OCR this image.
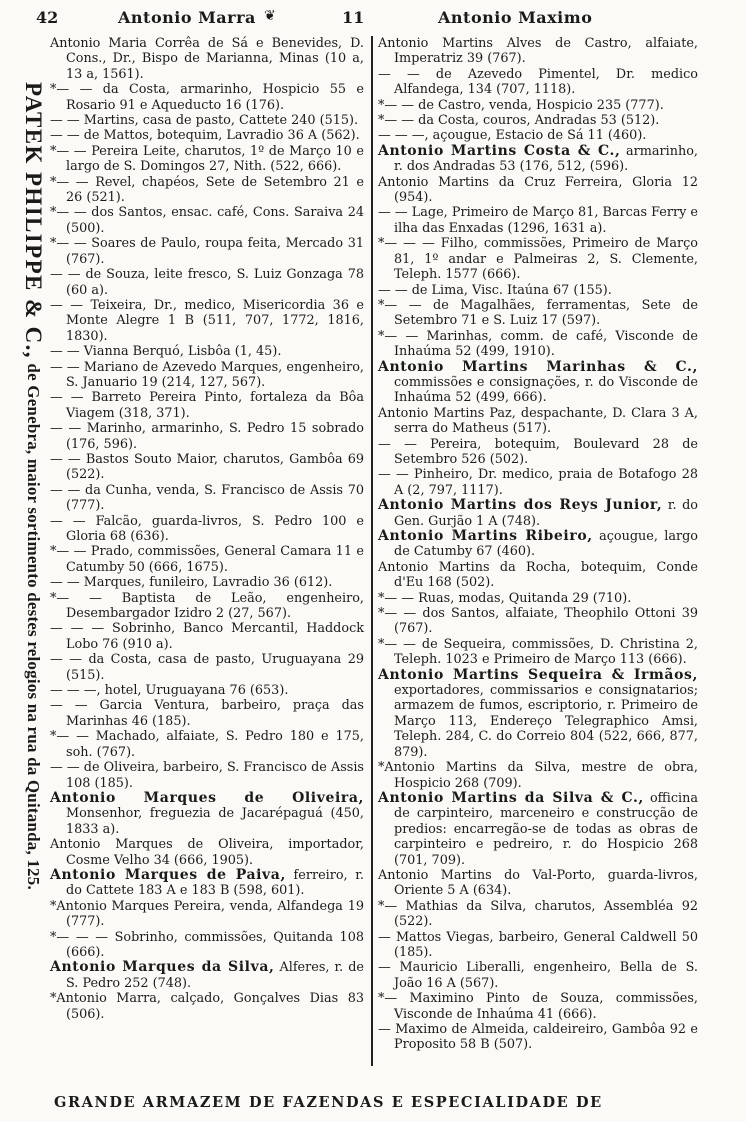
42	Antonio Marra ❦	11	Antonio Maximo
PATEK PHILIPPE & C., de Genebra, maior sortimento destes relogios na rua da Quitanda, 125.

Antonio Maria Corrêa de Sá e Benevides, D. Cons., Dr., Bispo de Marianna, Minas (10 a, 13 a, 1561).

*— — da Costa, armarinho, Hospicio 55 e Rosario 91 e Aqueducto 16 (176).

— — Martins, casa de pasto, Cattete 240 (515).

— — de Mattos, botequim, Lavradio 36 A (562).

*— — Pereira Leite, charutos, 1º de Março 10 e largo de S. Domingos 27, Nith. (522, 666).

*— — Revel, chapéos, Sete de Setembro 21 e 26 (521).

*— — dos Santos, ensac. café, Cons. Saraiva 24 (500).

*— — Soares de Paulo, roupa feita, Mercado 31 (767).

— — de Souza, leite fresco, S. Luiz Gonzaga 78 (60 a).

— — Teixeira, Dr., medico, Misericordia 36 e Monte Alegre 1 B (511, 707, 1772, 1816, 1830).

— — Vianna Berquó, Lisbôa (1, 45).

— — Mariano de Azevedo Marques, engenheiro, S. Januario 19 (214, 127, 567).

— — Barreto Pereira Pinto, fortaleza da Bôa Viagem (318, 371).

— — Marinho, armarinho, S. Pedro 15 sobrado (176, 596).

— — Bastos Souto Maior, charutos, Gambôa 69 (522).

— — da Cunha, venda, S. Francisco de Assis 70 (777).

— — Falcão, guarda-livros, S. Pedro 100 e Gloria 68 (636).

*— — Prado, commissões, General Camara 11 e Catumby 50 (666, 1675).

— — Marques, funileiro, Lavradio 36 (612).

*— — Baptista de Leão, engenheiro, Desembargador Izidro 2 (27, 567).

— — — Sobrinho, Banco Mercantil, Haddock Lobo 76 (910 a).

— — da Costa, casa de pasto, Uruguayana 29 (515).

— — —, hotel, Uruguayana 76 (653).

— — Garcia Ventura, barbeiro, praça das Marinhas 46 (185).

*— — Machado, alfaiate, S. Pedro 180 e 175, soh. (767).

— — de Oliveira, barbeiro, S. Francisco de Assis 108 (185).

Antonio Marques de Oliveira, Monsenhor, freguezia de Jacarépaguá (450, 1833 a).

Antonio Marques de Oliveira, importador, Cosme Velho 34 (666, 1905).

Antonio Marques de Paiva, ferreiro, r. do Cattete 183 A e 183 B (598, 601).

*Antonio Marques Pereira, venda, Alfandega 19 (777).

*— — — Sobrinho, commissões, Quitanda 108 (666).

Antonio Marques da Silva, Alferes, r. de S. Pedro 252 (748).

*Antonio Marra, calçado, Gonçalves Dias 83 (506).

Antonio Martins Alves de Castro, alfaiate, Imperatriz 39 (767).

— — de Azevedo Pimentel, Dr. medico Alfandega, 134 (707, 1118).

*— — de Castro, venda, Hospicio 235 (777).

*— — da Costa, couros, Andradas 53 (512).

— — —, açougue, Estacio de Sá 11 (460).

Antonio Martins Costa & C., armarinho, r. dos Andradas 53 (176, 512, (596).

Antonio Martins da Cruz Ferreira, Gloria 12 (954).

— — Lage, Primeiro de Março 81, Barcas Ferry e ilha das Enxadas (1296, 1631 a).

*— — — Filho, commissões, Primeiro de Março 81, 1º andar e Palmeiras 2, S. Clemente, Teleph. 1577 (666).

— — de Lima, Visc. Itaúna 67 (155).

*— — de Magalhães, ferramentas, Sete de Setembro 71 e S. Luiz 17 (597).

*— — Marinhas, comm. de café, Visconde de Inhaúma 52 (499, 1910).

Antonio Martins Marinhas & C., commissões e consignações, r. do Visconde de Inhaúma 52 (499, 666).

Antonio Martins Paz, despachante, D. Clara 3 A, serra do Matheus (517).

— — Pereira, botequim, Boulevard 28 de Setembro 526 (502).

— — Pinheiro, Dr. medico, praia de Botafogo 28 A (2, 797, 1117).

Antonio Martins dos Reys Junior, r. do Gen. Gurjão 1 A (748).

Antonio Martins Ribeiro, açougue, largo de Catumby 67 (460).

Antonio Martins da Rocha, botequim, Conde d'Eu 168 (502).

*— — Ruas, modas, Quitanda 29 (710).

*— — dos Santos, alfaiate, Theophilo Ottoni 39 (767).

*— — de Sequeira, commissões, D. Christina 2, Teleph. 1023 e Primeiro de Março 113 (666).

Antonio Martins Sequeira & Irmãos, exportadores, commissarios e consignatarios; armazem de fumos, escriptorio, r. Primeiro de Março 113, Endereço Telegraphico Amsi, Teleph. 284, C. do Correio 804 (522, 666, 877, 879).

*Antonio Martins da Silva, mestre de obra, Hospicio 268 (709).

Antonio Martins da Silva & C., officina de carpinteiro, marceneiro e construcção de predios: encarregão-se de todas as obras de carpinteiro e pedreiro, r. do Hospicio 268 (701, 709).

Antonio Martins do Val-Porto, guarda-livros, Oriente 5 A (634).

*— Mathias da Silva, charutos, Assembléa 92 (522).

— Mattos Viegas, barbeiro, General Caldwell 50 (185).

— Mauricio Liberalli, engenheiro, Bella de S. João 16 A (567).

*— Maximino Pinto de Souza, commissões, Visconde de Inhaúma 41 (666).

— Maximo de Almeida, caldeireiro, Gambôa 92 e Proposito 58 B (507).

GRANDE ARMAZEM DE FAZENDAS E ESPECIALIDADE DE
